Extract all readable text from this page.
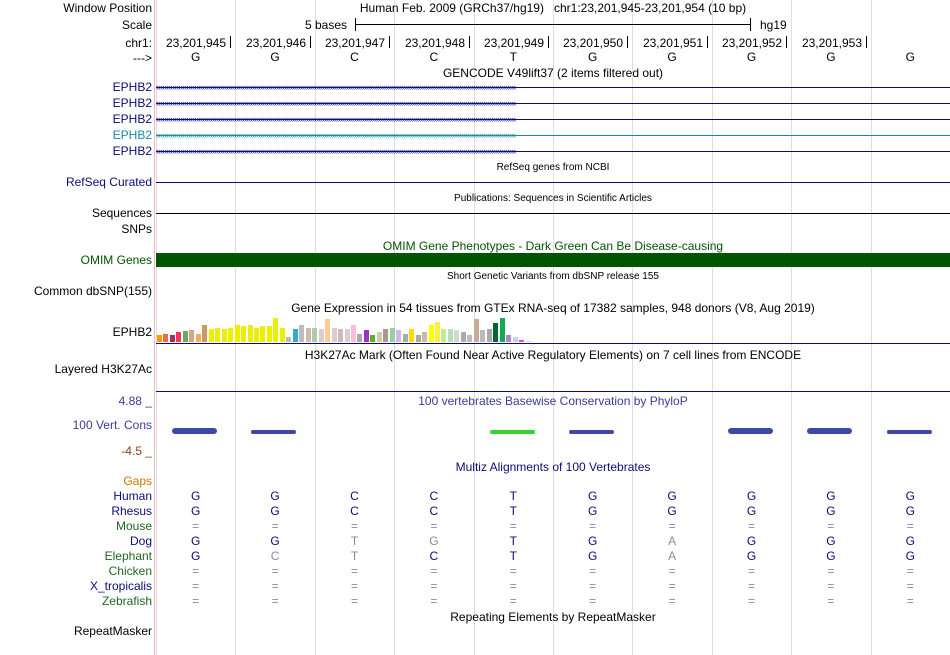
Window Position	Human Feb. 2009 (GRCh37/hg19) chr1:23,201,945-23,201,954 (10 bp)
Scale	5 bases	hg19
chr1: 23,201,945 23,201,946 23,201,947 23,201,948 23,201,949 23,201,950 23,201,951 23,201,952 23,201,953
--->	G	G	C	C	T	G	G	G	G	G
GENCODE V49lift37 (2 items filtered out)
EPHB2 ››››››››››››››››››››››››››››››››››››››››››››››››››››››››››››››››››››››››››››››››››››››››››››››››››››››››››››››››››››››››››››››››››››››››››››››››››››››››››››››››››››››››››››››››››››
EPHB2 ››››››››››››››››››››››››››››››››››››››››››››››››››››››››››››››››››››››››››››››››››››››››››››››››››››››››››››››››››››››››››››››››››››››››››››››››››››››››››››››››››››››››››››››››››››
EPHB2 ››››››››››››››››››››››››››››››››››››››››››››››››››››››››››››››››››››››››››››››››››››››››››››››››››››››››››››››››››››››››››››››››››››››››››››››››››››››››››››››››››››››››››››››››››››
EPHB2 ››››››››››››››››››››››››››››››››››››››››››››››››››››››››››››››››››››››››››››››››››››››››››››››››››››››››››››››››››››››››››››››››››››››››››››››››››››››››››››››››››››››››››››››››››››
EPHB2 ››››››››››››››››››››››››››››››››››››››››››››››››››››››››››››››››››››››››››››››››››››››››››››››››››››››››››››››››››››››››››››››››››››››››››››››››››››››››››››››››››››››››››››››››››››
RefSeq genes from NCBI
RefSeq Curated
Publications: Sequences in Scientific Articles
Sequences
SNPs
OMIM Gene Phenotypes - Dark Green Can Be Disease-causing
OMIM Genes
Short Genetic Variants from dbSNP release 155
Common dbSNP(155)
Gene Expression in 54 tissues from GTEx RNA-seq of 17382 samples, 948 donors (V8, Aug 2019)
EPHB2
H3K27Ac Mark (Often Found Near Active Regulatory Elements) on 7 cell lines from ENCODE
Layered H3K27Ac
4.88 _	100 vertebrates Basewise Conservation by PhyloP
100 Vert. Cons
-4.5 _
Multiz Alignments of 100 Vertebrates
Gaps
Human	G	G	C	C	T	G	G	G	G	G
Rhesus	G	G	C	C	T	G	G	G	G	G
Mouse	=	=	=	=	=	=	=	=	=	=
Dog	G	G	T	G	T	G	A	G	G	G
Elephant	G	C	T	C	T	G	A	G	G	G
Chicken	=	=	=	=	=	=	=	=	=	=
X_tropicalis	=	=	=	=	=	=	=	=	=	=
Zebrafish	=	=	=	=	=	=	=	=	=	=
Repeating Elements by RepeatMasker
RepeatMasker
